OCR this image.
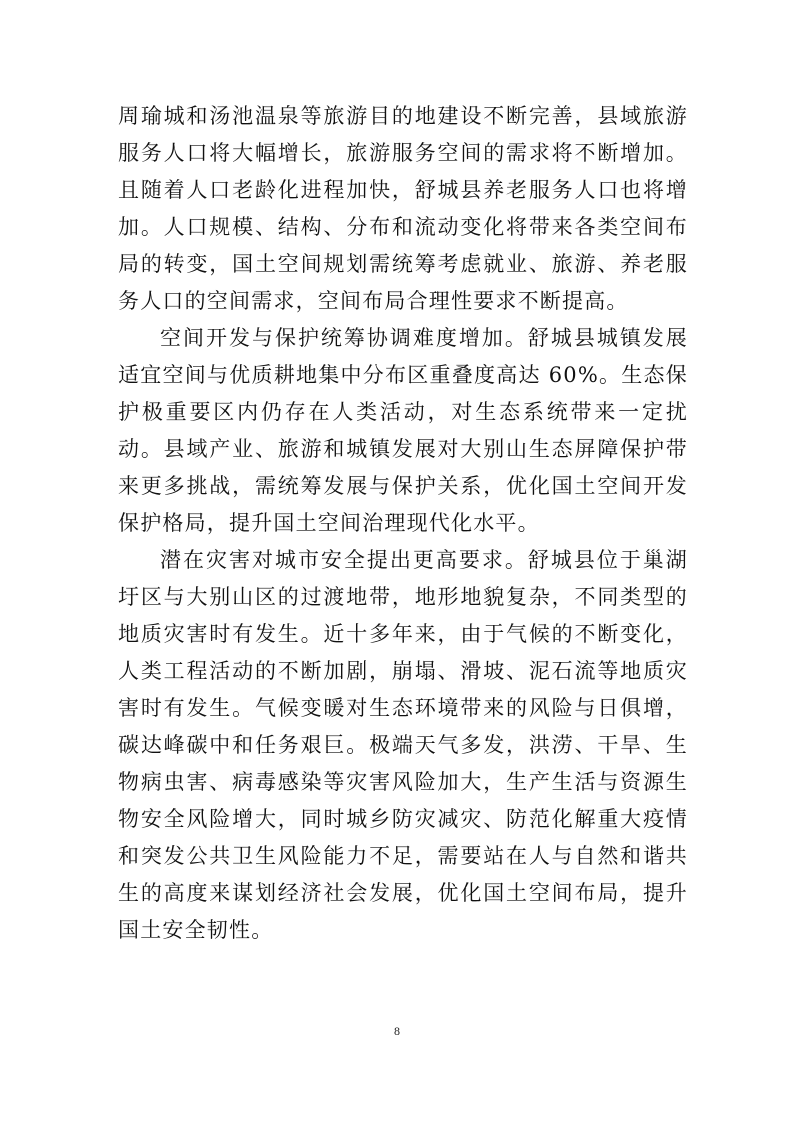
周瑜城和汤池温泉等旅游目的地建设不断完善，县域旅游服务人口将大幅增长，旅游服务空间的需求将不断增加。且随着人口老龄化进程加快，舒城县养老服务人口也将增加。人口规模、结构、分布和流动变化将带来各类空间布局的转变，国土空间规划需统筹考虑就业、旅游、养老服务人口的空间需求，空间布局合理性要求不断提高。

空间开发与保护统筹协调难度增加。舒城县城镇发展适宜空间与优质耕地集中分布区重叠度高达 60%。生态保护极重要区内仍存在人类活动，对生态系统带来一定扰动。县域产业、旅游和城镇发展对大别山生态屏障保护带来更多挑战，需统筹发展与保护关系，优化国土空间开发保护格局，提升国土空间治理现代化水平。

潜在灾害对城市安全提出更高要求。舒城县位于巢湖圩区与大别山区的过渡地带，地形地貌复杂，不同类型的地质灾害时有发生。近十多年来，由于气候的不断变化，人类工程活动的不断加剧，崩塌、滑坡、泥石流等地质灾害时有发生。气候变暖对生态环境带来的风险与日俱增，碳达峰碳中和任务艰巨。极端天气多发，洪涝、干旱、生物病虫害、病毒感染等灾害风险加大，生产生活与资源生物安全风险增大，同时城乡防灾减灾、防范化解重大疫情和突发公共卫生风险能力不足，需要站在人与自然和谐共生的高度来谋划经济社会发展，优化国土空间布局，提升国土安全韧性。

8
